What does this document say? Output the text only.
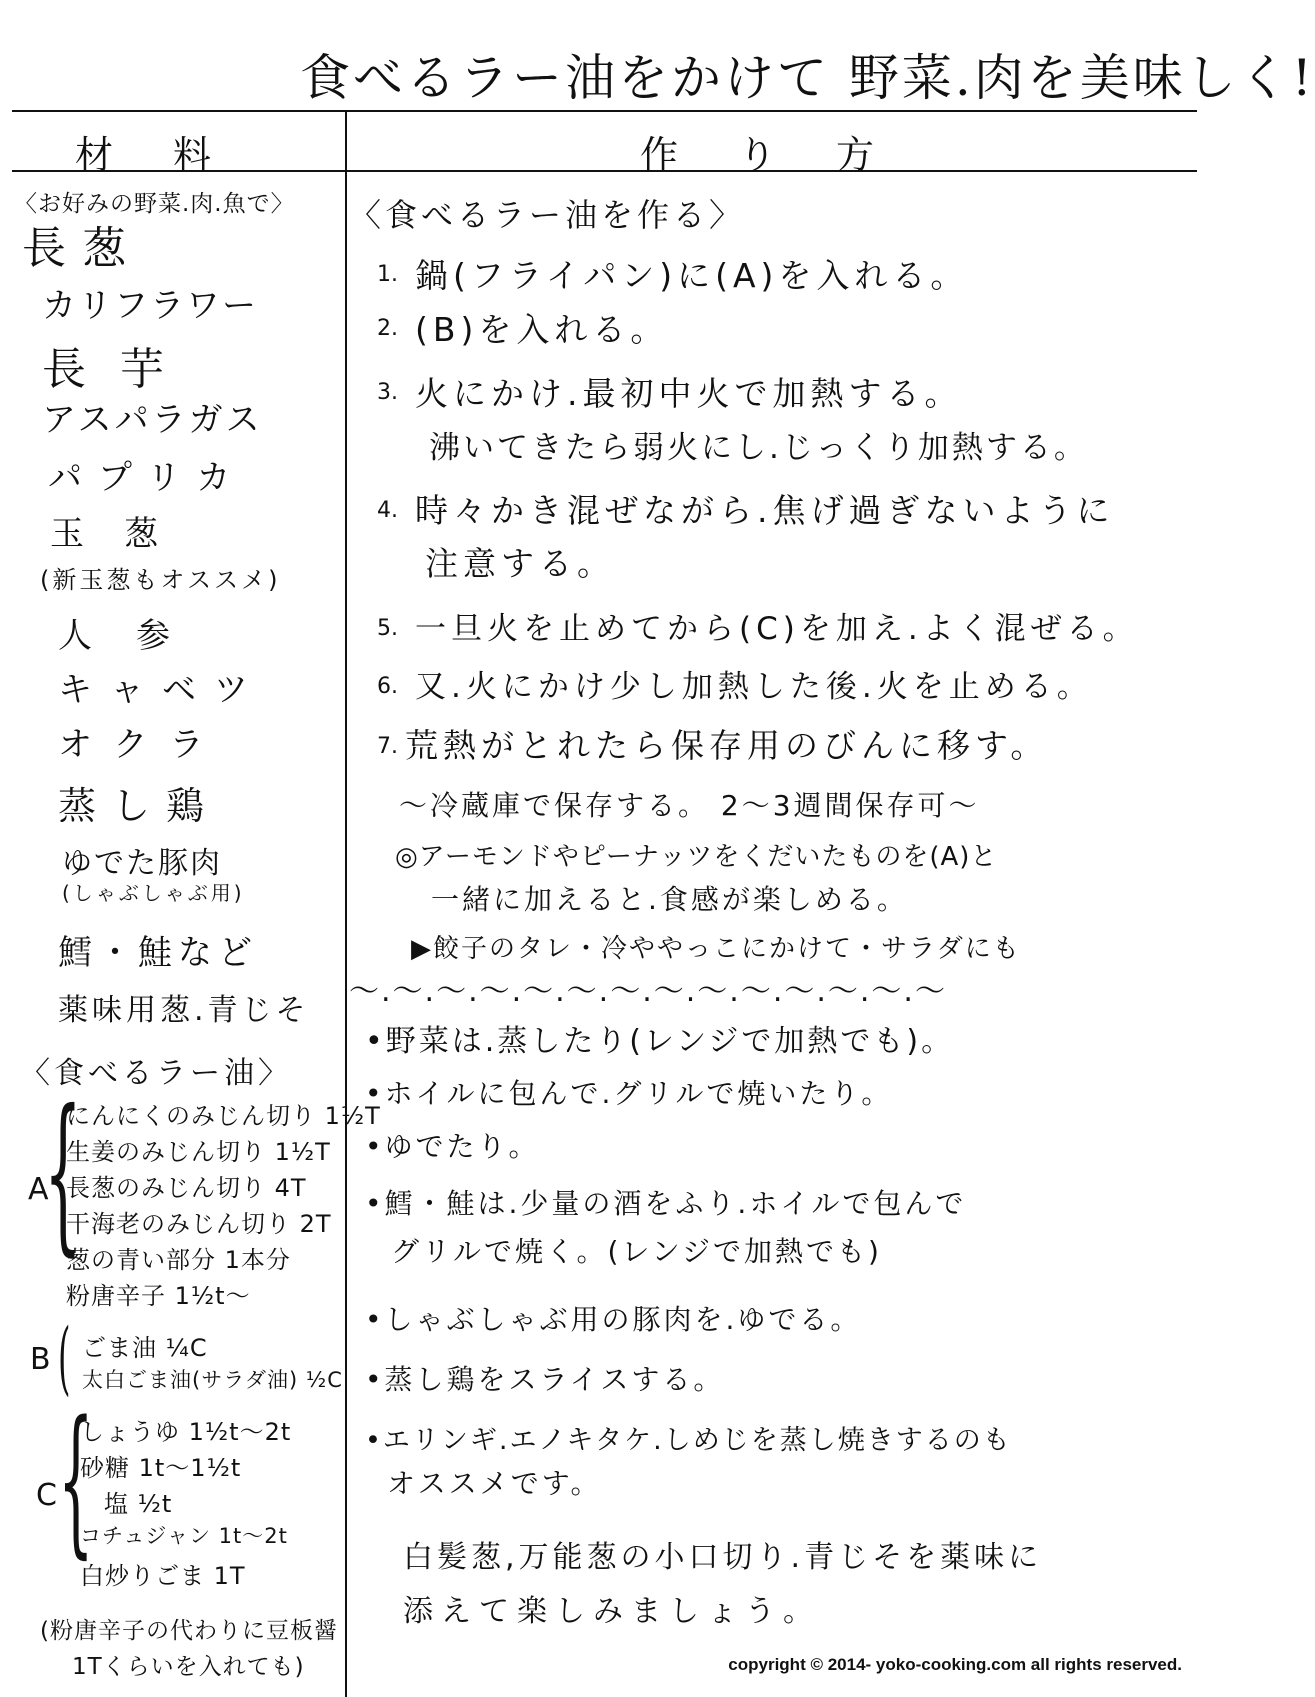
食べるラー油をかけて 野菜.肉を美味しく!
材料	作り方
〈お好みの野菜.肉.魚で〉
長葱
カリフラワー
長芋
アスパラガス
パプリカ
玉葱
(新玉葱もオススメ)
人参
キャベツ
オクラ
蒸し鶏
ゆでた豚肉
(しゃぶしゃぶ用)
鱈・鮭など
薬味用葱.青じそ
〈食べるラー油〉
A
{
にんにくのみじん切り 1½T
生姜のみじん切り 1½T
長葱のみじん切り 4T
干海老のみじん切り 2T
葱の青い部分 1本分
粉唐辛子 1½t〜
B ( ごま油 ¼C
太白ごま油(サラダ油) ½C
C {
しょうゆ 1½t〜2t
砂糖 1t〜1½t
塩 ½t
コチュジャン 1t〜2t
白炒りごま 1T
(粉唐辛子の代わりに豆板醤
1Tくらいを入れても)
〈食べるラー油を作る〉
1. 鍋(フライパン)に(A)を入れる。
2. (B)を入れる。
3. 火にかけ.最初中火で加熱する。
沸いてきたら弱火にし.じっくり加熱する。
4. 時々かき混ぜながら.焦げ過ぎないように
注意する。
5. 一旦火を止めてから(C)を加え.よく混ぜる。
6. 又.火にかけ少し加熱した後.火を止める。
7. 荒熱がとれたら保存用のびんに移す。
〜冷蔵庫で保存する。 2〜3週間保存可〜
◎アーモンドやピーナッツをくだいたものを(A)と
一緒に加えると.食感が楽しめる。
▶餃子のタレ・冷ややっこにかけて・サラダにも
〜.〜.〜.〜.〜.〜.〜.〜.〜.〜.〜.〜.〜.〜
•野菜は.蒸したり(レンジで加熱でも)。
•ホイルに包んで.グリルで焼いたり。
•ゆでたり。
•鱈・鮭は.少量の酒をふり.ホイルで包んで
グリルで焼く。(レンジで加熱でも)
•しゃぶしゃぶ用の豚肉を.ゆでる。
•蒸し鶏をスライスする。
•エリンギ.エノキタケ.しめじを蒸し焼きするのも
オススメです。
白髪葱,万能葱の小口切り.青じそを薬味に
添えて楽しみましょう。
copyright © 2014- yoko-cooking.com all rights reserved.
